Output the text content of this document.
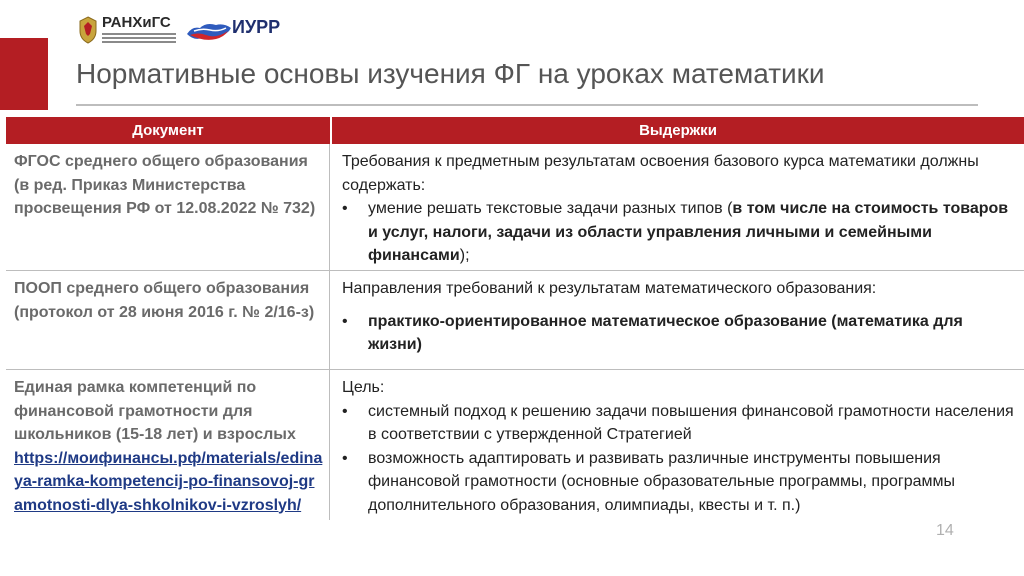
РАНХиГС	ИУРР
Нормативные основы изучения ФГ на уроках математики
Документ	Выдержки
ФГОС среднего общего образования (в ред. Приказ Министерства просвещения РФ от 12.08.2022 № 732)
Требования к предметным результатам освоения базового курса математики должны содержать:
• умение решать текстовые задачи разных типов (в том числе на стоимость товаров и услуг, налоги, задачи из области управления личными и семейными финансами);
ПООП среднего общего образования (протокол от 28 июня 2016 г. № 2/16-з)
Направления требований к результатам математического образования:
• практико-ориентированное математическое образование (математика для жизни)
Единая рамка компетенций по финансовой грамотности для школьников (15-18 лет) и взрослых
https://моифинансы.рф/materials/edinaya-ramka-kompetencij-po-finansovoj-gramotnosti-dlya-shkolnikov-i-vzroslyh/
Цель:
• системный подход к решению задачи повышения финансовой грамотности населения в соответствии с утвержденной Стратегией
• возможность адаптировать и развивать различные инструменты повышения финансовой грамотности (основные образовательные программы, программы дополнительного образования, олимпиады, квесты и т. п.)
14
